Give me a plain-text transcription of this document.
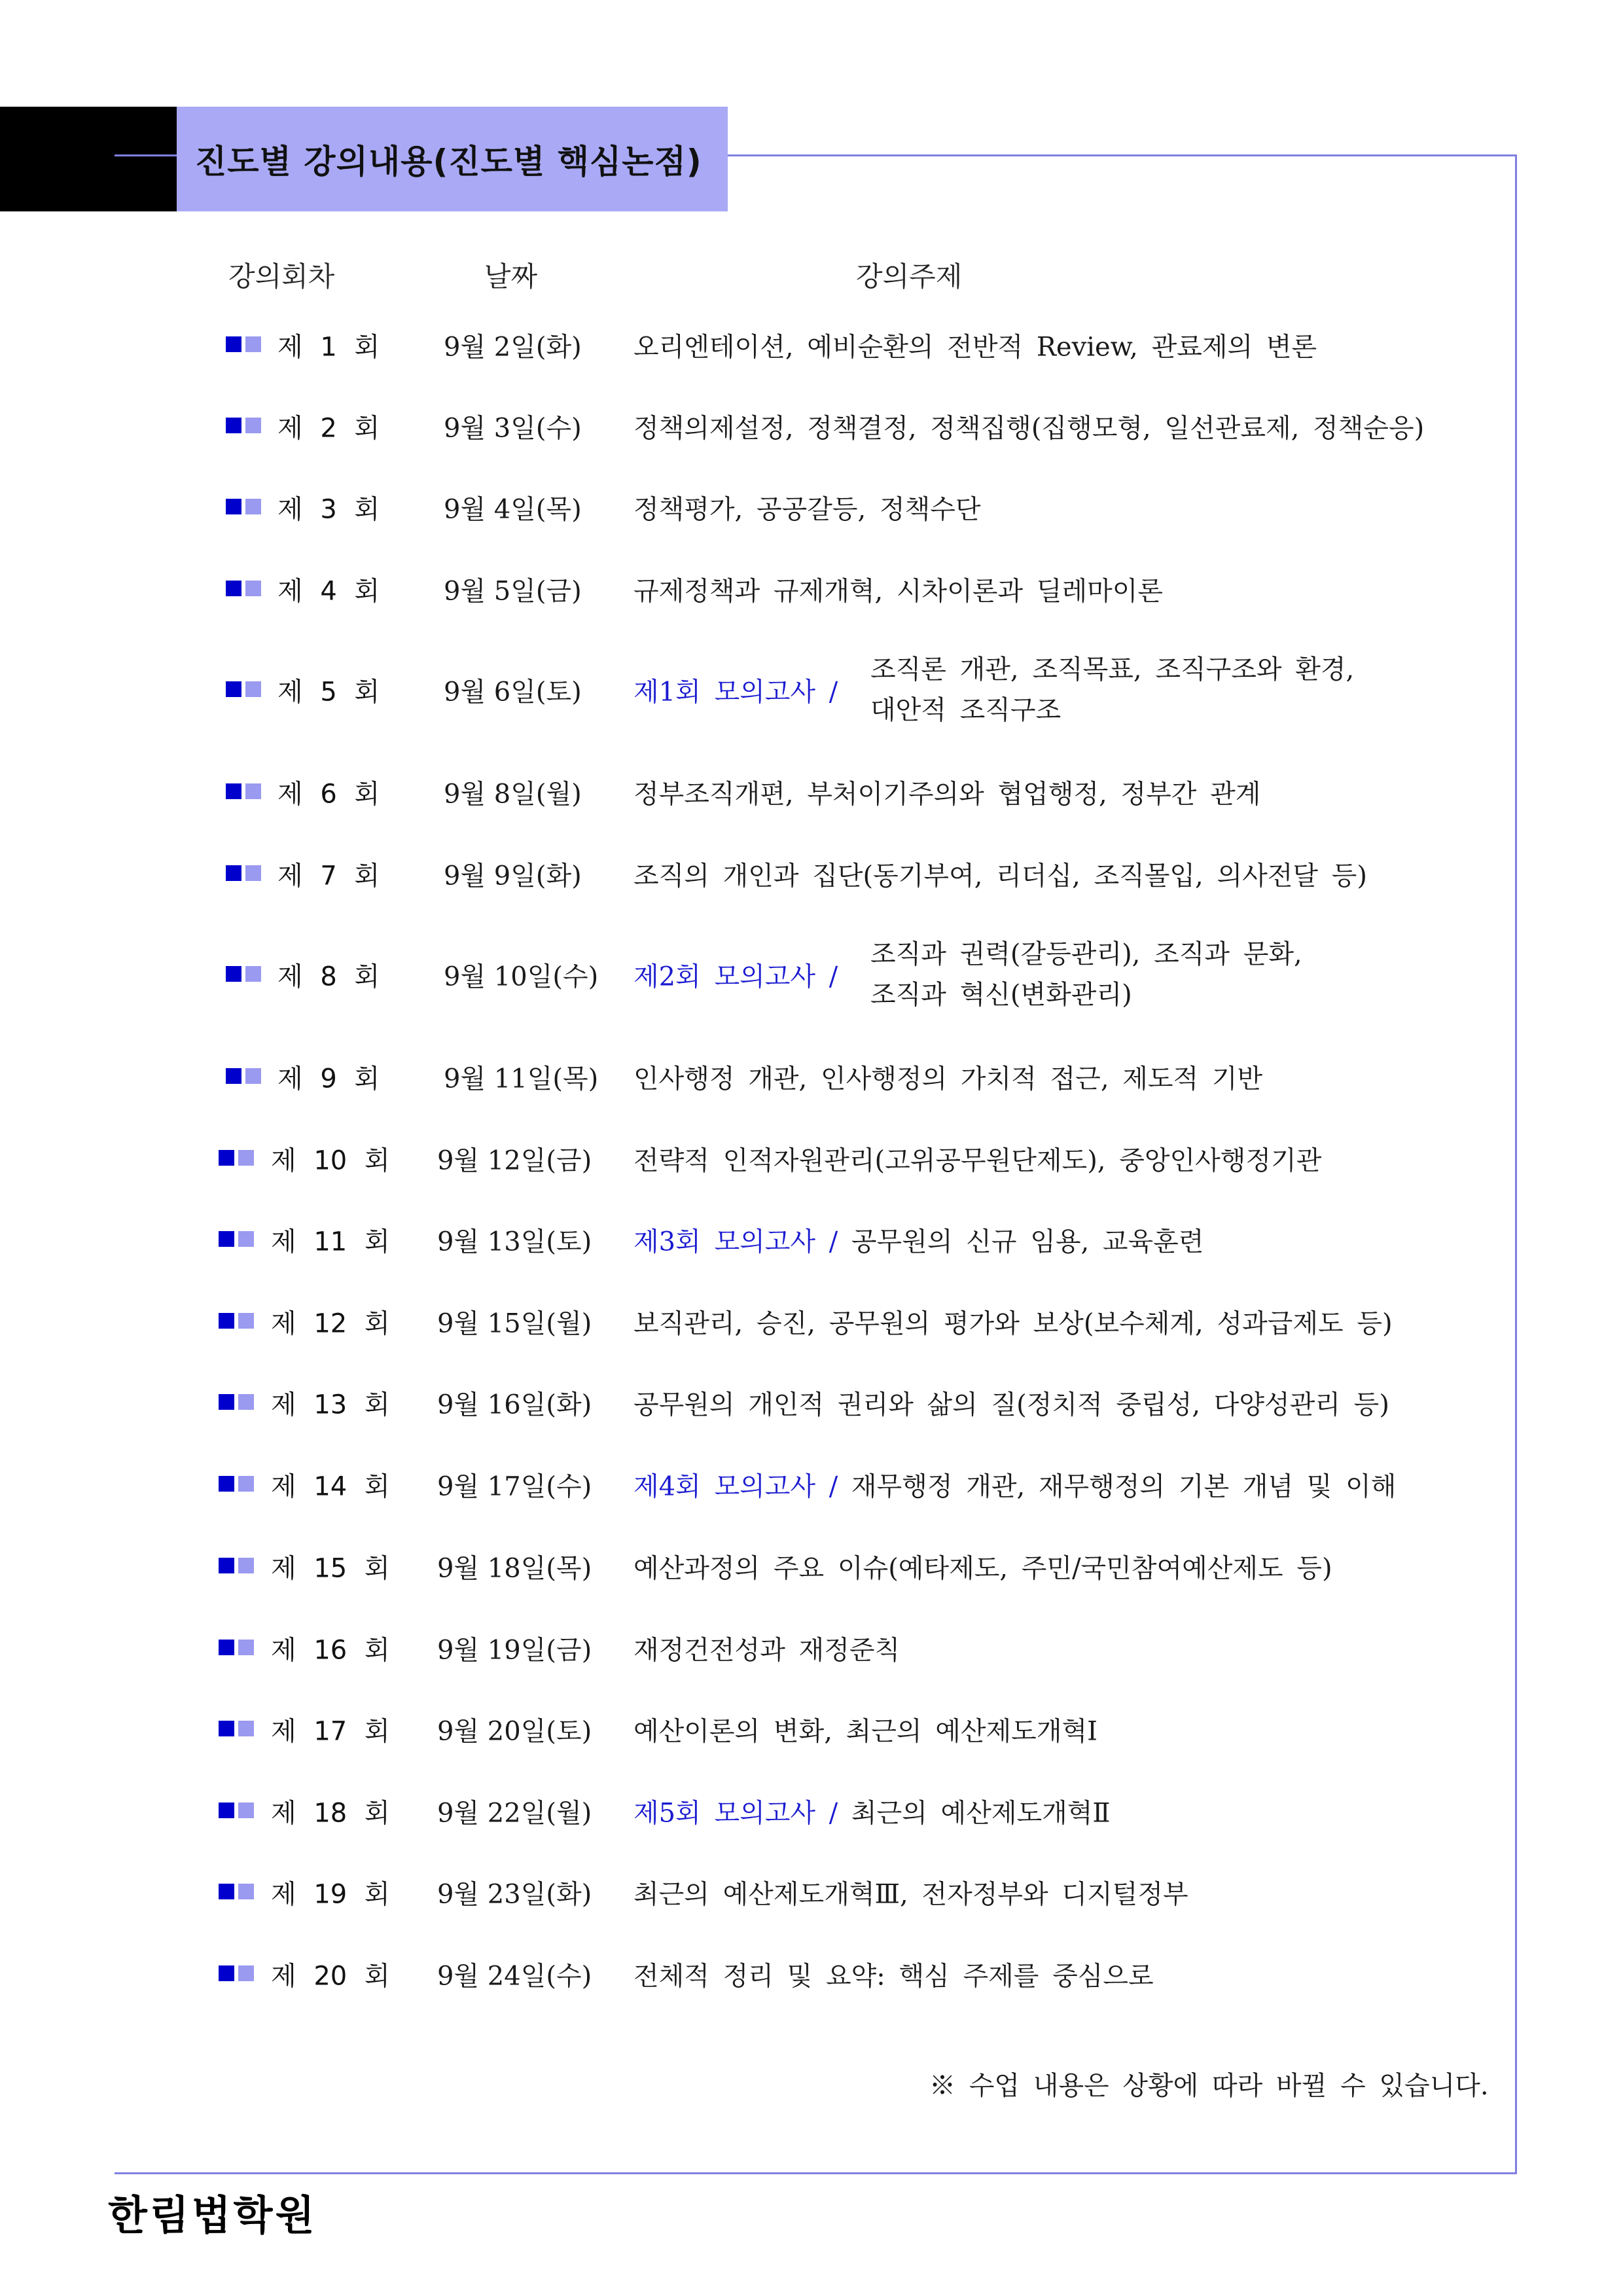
진도별 강의내용(진도별 핵심논점)
강의회차	날짜	강의주제
제 1 회 9월 2일(화) 오리엔테이션, 예비순환의 전반적 Review, 관료제의 변론
제 2 회 9월 3일(수) 정책의제설정, 정책결정, 정책집행(집행모형, 일선관료제, 정책순응)
제 3 회 9월 4일(목) 정책평가, 공공갈등, 정책수단
제 4 회 9월 5일(금) 규제정책과 규제개혁, 시차이론과 딜레마이론
제 5 회 9월 6일(토) 제1회 모의고사 /
조직론 개관, 조직목표, 조직구조와 환경,
대안적 조직구조
제 6 회 9월 8일(월) 정부조직개편, 부처이기주의와 협업행정, 정부간 관계
제 7 회 9월 9일(화) 조직의 개인과 집단(동기부여, 리더십, 조직몰입, 의사전달 등)
제 8 회 9월 10일(수) 제2회 모의고사 /
조직과 권력(갈등관리), 조직과 문화,
조직과 혁신(변화관리)
제 9 회 9월 11일(목) 인사행정 개관, 인사행정의 가치적 접근, 제도적 기반
제 10 회 9월 12일(금) 전략적 인적자원관리(고위공무원단제도), 중앙인사행정기관
제 11 회 9월 13일(토) 제3회 모의고사 / 공무원의 신규 임용, 교육훈련
제 12 회 9월 15일(월) 보직관리, 승진, 공무원의 평가와 보상(보수체계, 성과급제도 등)
제 13 회 9월 16일(화) 공무원의 개인적 권리와 삶의 질(정치적 중립성, 다양성관리 등)
제 14 회 9월 17일(수) 제4회 모의고사 / 재무행정 개관, 재무행정의 기본 개념 및 이해
제 15 회 9월 18일(목) 예산과정의 주요 이슈(예타제도, 주민/국민참여예산제도 등)
제 16 회 9월 19일(금) 재정건전성과 재정준칙
제 17 회 9월 20일(토) 예산이론의 변화, 최근의 예산제도개혁Ⅰ
제 18 회 9월 22일(월) 제5회 모의고사 / 최근의 예산제도개혁Ⅱ
제 19 회 9월 23일(화) 최근의 예산제도개혁Ⅲ, 전자정부와 디지털정부
제 20 회 9월 24일(수) 전체적 정리 및 요약: 핵심 주제를 중심으로
※ 수업 내용은 상황에 따라 바뀔 수 있습니다.
한림법학원
